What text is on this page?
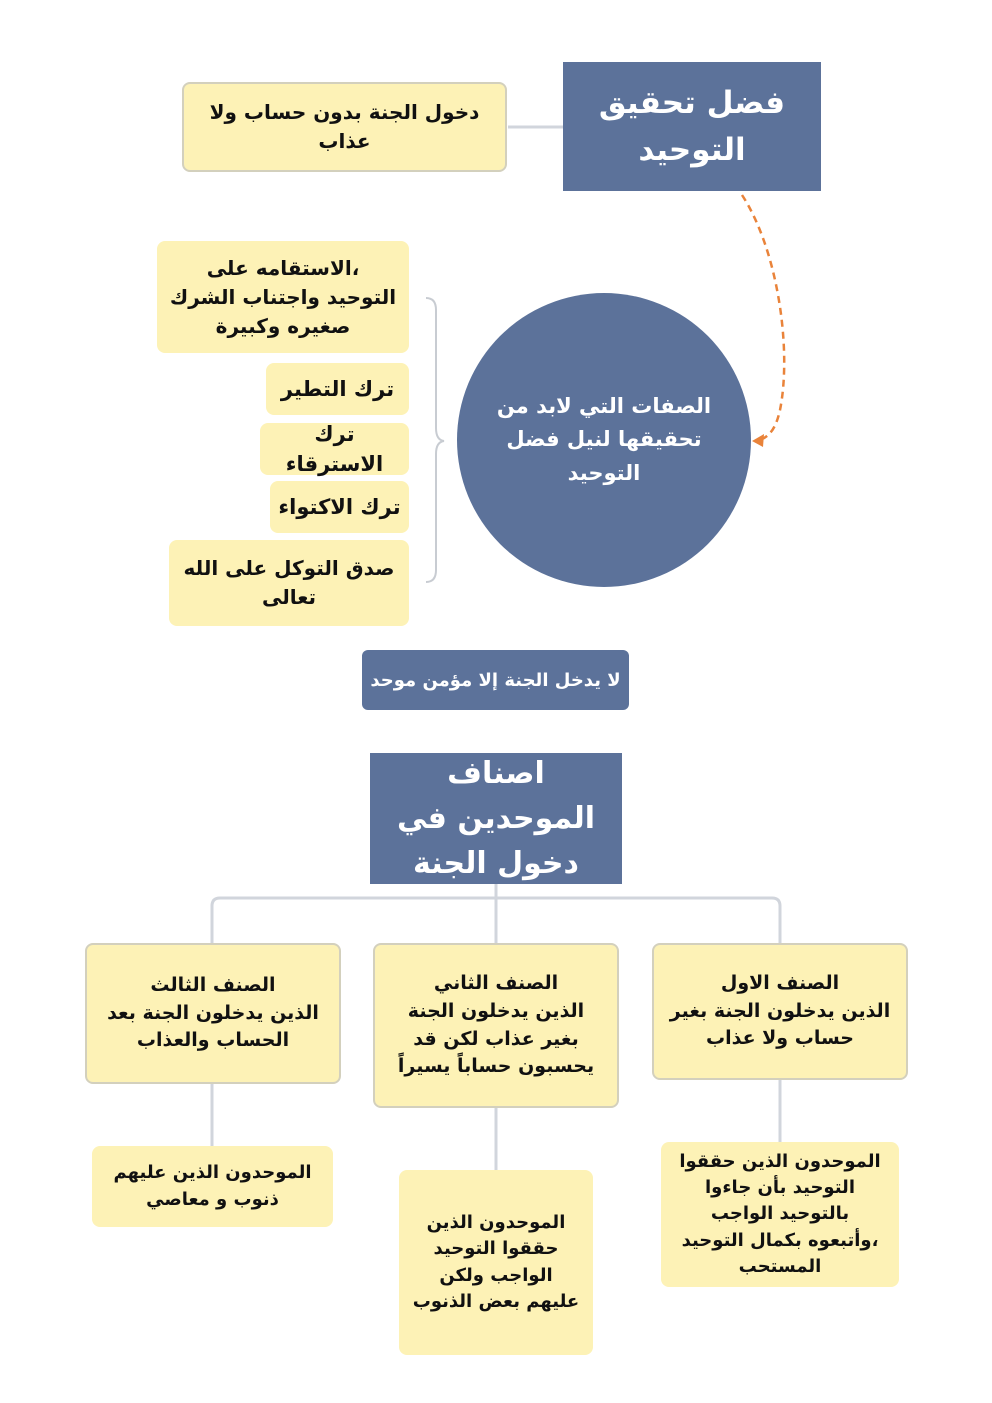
فضل تحقيق التوحيد
دخول الجنة بدون حساب ولا عذاب
الصفات التي لابد من تحقيقها لنيل فضل التوحيد
،الاستقامه على التوحيد واجتناب الشرك صغيره وكبيرة
ترك التطير
ترك الاسترقاء
ترك الاكتواء
صدق التوكل على الله تعالى
لا يدخل الجنة إلا مؤمن موحد
اصناف الموحدين في دخول الجنة
الصنف الاول
الذين يدخلون الجنة بغير حساب ولا عذاب
الصنف الثاني
الذين يدخلون الجنة بغير عذاب لكن قد يحسبون حساباً يسيراً
الصنف الثالث
الذين يدخلون الجنة بعد الحساب والعذاب
الموحدون الذين حققوا التوحيد بأن جاءوا بالتوحيد الواجب ،وأتبعوه بكمال التوحيد المستحب
الموحدون الذين حققوا التوحيد الواجب ولكن عليهم بعض الذنوب
الموحدون الذين عليهم ذنوب و معاصي
